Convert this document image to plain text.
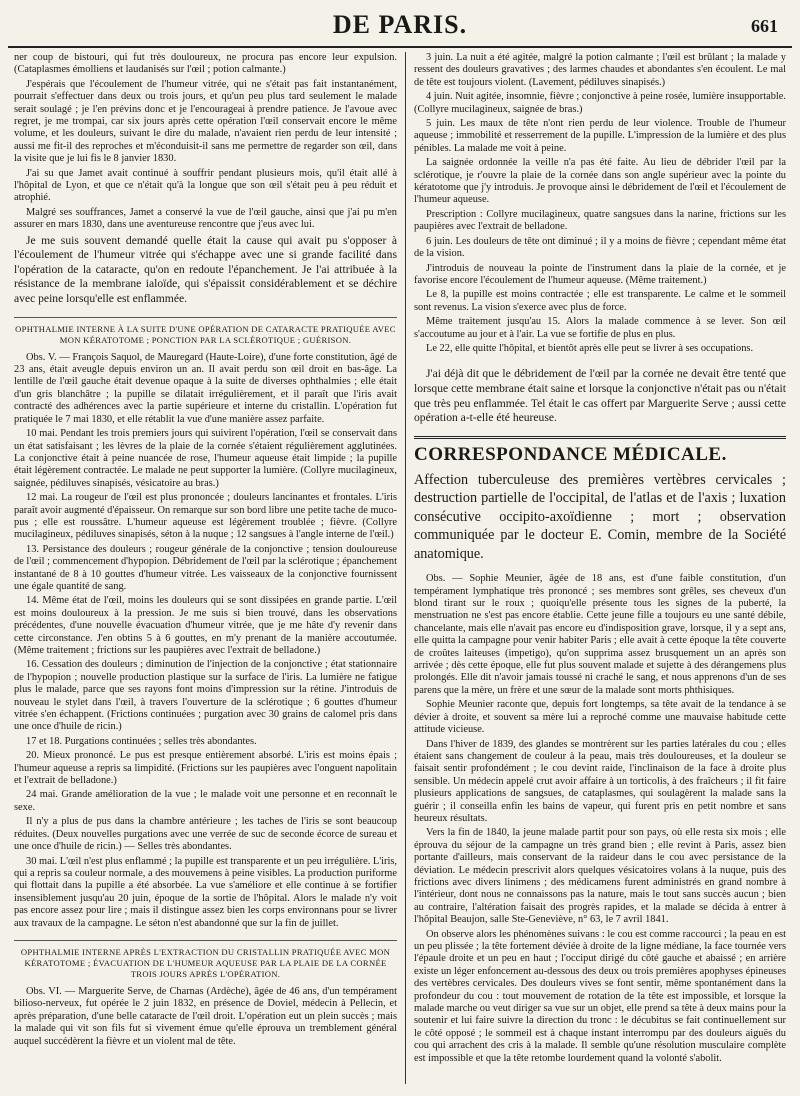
DE PARIS.	661

ner coup de bistouri, qui fut très douloureux, ne procura pas encore leur expulsion. (Cataplasmes émolliens et laudanisés sur l'œil ; potion calmante.)

J'espérais que l'écoulement de l'humeur vitrée, qui ne s'était pas fait instantanément, pourrait s'effectuer dans deux ou trois jours, et qu'un peu plus tard seulement le malade serait soulagé ; je l'en prévins donc et je l'encourageai à prendre patience. Je l'avoue avec regret, je me trompai, car six jours après cette opération l'œil conservait encore le même volume, et les douleurs, suivant le dire du malade, n'avaient rien perdu de leur intensité ; aussi me fit-il des reproches et m'éconduisit-il sans me permettre de regarder son œil, dans la visite que je lui fis le 8 janvier 1830.

J'ai su que Jamet avait continué à souffrir pendant plusieurs mois, qu'il était allé à l'hôpital de Lyon, et que ce n'était qu'à la longue que son œil s'était peu à peu réduit et atrophié.

Malgré ses souffrances, Jamet a conservé la vue de l'œil gauche, ainsi que j'ai pu m'en assurer en mars 1830, dans une aventureuse rencontre que j'eus avec lui.

Je me suis souvent demandé quelle était la cause qui avait pu s'opposer à l'écoulement de l'humeur vitrée qui s'échappe avec une si grande facilité dans l'opération de la cataracte, qu'on en redoute l'épanchement. Je l'ai attribuée à la résistance de la membrane ialoïde, qui s'épaissit considérablement et se déchire avec peine lorsqu'elle est enflammée.

OPHTHALMIE INTERNE À LA SUITE D'UNE OPÉRATION DE CATARACTE PRATIQUÉE AVEC MON KÉRATOTOME ; PONCTION PAR LA SCLÉROTIQUE ; GUÉRISON.

Obs. V. — François Saquol, de Mauregard (Haute-Loire), d'une forte constitution, âgé de 23 ans, était aveugle depuis environ un an. Il avait perdu son œil droit en bas-âge. La lentille de l'œil gauche était devenue opaque à la suite de diverses ophthalmies ; elle était d'un gris blanchâtre ; la pupille se dilatait irrégulièrement, et il paraît que l'iris avait contracté des adhérences avec la partie supérieure et interne du cristallin. L'opération fut pratiquée le 7 mai 1830, et elle rétablit la vue d'une manière assez parfaite.

10 mai. Pendant les trois premiers jours qui suivirent l'opération, l'œil se conservait dans un état satisfaisant ; les lèvres de la plaie de la cornée s'étaient régulièrement agglutinées. La conjonctive était à peine nuancée de rose, l'humeur aqueuse était limpide ; la pupille était légèrement contractée. Le malade ne peut supporter la lumière. (Collyre mucilagineux, saignée, pédiluves sinapisés, vésicatoire au bras.)

12 mai. La rougeur de l'œil est plus prononcée ; douleurs lancinantes et frontales. L'iris paraît avoir augmenté d'épaisseur. On remarque sur son bord libre une petite tache de muco-pus ; elle est roussâtre. L'humeur aqueuse est légèrement troublée ; fièvre. (Collyre mucilagineux, pédiluves sinapisés, séton à la nuque ; 12 sangsues à l'angle interne de l'œil.)

13. Persistance des douleurs ; rougeur générale de la conjonctive ; tension douloureuse de l'œil ; commencement d'hypopion. Débridement de l'œil par la sclérotique ; épanchement instantané de 8 à 10 gouttes d'humeur vitrée. Les vaisseaux de la conjonctive fournissent une égale quantité de sang.

14. Même état de l'œil, moins les douleurs qui se sont dissipées en grande partie. L'œil est moins douloureux à la pression. Je me suis si bien trouvé, dans les observations précédentes, d'une nouvelle évacuation d'humeur vitrée, que je me hâte d'y revenir dans cette circonstance. J'en obtins 5 à 6 gouttes, en m'y prenant de la manière accoutumée. (Même traitement ; frictions sur les paupières avec l'extrait de belladone.)

16. Cessation des douleurs ; diminution de l'injection de la conjonctive ; état stationnaire de l'hypopion ; nouvelle production plastique sur la surface de l'iris. La lumière ne fatigue plus le malade, parce que ses rayons font moins d'impression sur la rétine. J'introduis de nouveau le stylet dans l'œil, à travers l'ouverture de la sclérotique ; 6 gouttes d'humeur vitrée s'en échappent. (Frictions continuées ; purgation avec 30 grains de calomel pris dans une once d'huile de ricin.)

17 et 18. Purgations continuées ; selles très abondantes.

20. Mieux prononcé. Le pus est presque entièrement absorbé. L'iris est moins épais ; l'humeur aqueuse a repris sa limpidité. (Frictions sur les paupières avec l'onguent napolitain et l'extrait de belladone.)

24 mai. Grande amélioration de la vue ; le malade voit une personne et en reconnaît le sexe.

Il n'y a plus de pus dans la chambre antérieure ; les taches de l'iris se sont beaucoup réduites. (Deux nouvelles purgations avec une verrée de suc de seconde écorce de sureau et une once d'huile de ricin.) — Selles très abondantes.

30 mai. L'œil n'est plus enflammé ; la pupille est transparente et un peu irrégulière. L'iris, qui a repris sa couleur normale, a des mouvemens à peine visibles. La production puriforme qui flottait dans la pupille a été absorbée. La vue s'améliore et elle continue à se fortifier insensiblement jusqu'au 20 juin, époque de la sortie de l'hôpital. Alors le malade n'y voit pas encore assez pour lire ; mais il distingue assez bien les corps environnans pour se livrer aux travaux de la campagne. Le séton n'est abandonné que sur la fin de juillet.

OPHTHALMIE INTERNE APRÈS L'EXTRACTION DU CRISTALLIN PRATIQUÉE AVEC MON KÉRATOTOME ; ÉVACUATION DE L'HUMEUR AQUEUSE PAR LA PLAIE DE LA CORNÉE TROIS JOURS APRÈS L'OPÉRATION.

Obs. VI. — Marguerite Serve, de Charnas (Ardèche), âgée de 46 ans, d'un tempérament bilioso-nerveux, fut opérée le 2 juin 1832, en présence de Doviel, médecin à Pellecin, et après préparation, d'une belle cataracte de l'œil droit. L'opération eut un plein succès ; mais la malade qui vit son fils fut si vivement émue qu'elle éprouva un tremblement général auquel succédèrent la fièvre et un violent mal de tête.

3 juin. La nuit a été agitée, malgré la potion calmante ; l'œil est brûlant ; la malade y ressent des douleurs gravatives ; des larmes chaudes et abondantes s'en écoulent. Le mal de tête est toujours violent. (Lavement, pédiluves sinapisés.)

4 juin. Nuit agitée, insomnie, fièvre ; conjonctive à peine rosée, lumière insupportable. (Collyre mucilagineux, saignée de bras.)

5 juin. Les maux de tête n'ont rien perdu de leur violence. Trouble de l'humeur aqueuse ; immobilité et resserrement de la pupille. L'impression de la lumière et des plus pénibles. La malade me voit à peine.

La saignée ordonnée la veille n'a pas été faite. Au lieu de débrider l'œil par la sclérotique, je r'ouvre la plaie de la cornée dans son angle supérieur avec la pointe du kératotome que j'y introduis. Je provoque ainsi le débridement de l'œil et l'écoulement de l'humeur aqueuse.

Prescription : Collyre mucilagineux, quatre sangsues dans la narine, frictions sur les paupières avec l'extrait de belladone.

6 juin. Les douleurs de tête ont diminué ; il y a moins de fièvre ; cependant même état de la vision.

J'introduis de nouveau la pointe de l'instrument dans la plaie de la cornée, et je favorise encore l'écoulement de l'humeur aqueuse. (Même traitement.)

Le 8, la pupille est moins contractée ; elle est transparente. Le calme et le sommeil sont revenus. La vision s'exerce avec plus de force.

Même traitement jusqu'au 15. Alors la malade commence à se lever. Son œil s'accoutume au jour et à l'air. La vue se fortifie de plus en plus.

Le 22, elle quitte l'hôpital, et bientôt après elle peut se livrer à ses occupations.

J'ai déjà dit que le débridement de l'œil par la cornée ne devait être tenté que lorsque cette membrane était saine et lorsque la conjonctive n'était pas ou n'était que très peu enflammée. Tel était le cas offert par Marguerite Serve ; aussi cette opération a-t-elle été heureuse.

CORRESPONDANCE MÉDICALE.
Affection tuberculeuse des premières vertèbres cervicales ; destruction partielle de l'occipital, de l'atlas et de l'axis ; luxation consécutive occipito-axoïdienne ; mort ; observation communiquée par le docteur E. Comin, membre de la Société anatomique.

Obs. — Sophie Meunier, âgée de 18 ans, est d'une faible constitution, d'un tempérament lymphatique très prononcé ; ses membres sont grêles, ses cheveux d'un blond tirant sur le roux ; quoiqu'elle présente tous les signes de la puberté, la menstruation ne s'est pas encore établie. Cette jeune fille a toujours eu une santé débile, chancelante, mais elle n'avait pas encore eu d'indisposition grave, lorsque, il y a sept ans, elle quitta la campagne pour venir habiter Paris ; elle avait à cette époque la tête couverte de croûtes laiteuses (impetigo), qu'on supprima assez brusquement un an après son arrivée ; dès cette époque, elle fut plus souvent malade et sujette à des dérangemens plus prolongés. Elle dit n'avoir jamais toussé ni craché le sang, et nous apprenons d'un de ses parens que la mère, un frère et une sœur de la malade sont morts phthisiques.

Sophie Meunier raconte que, depuis fort longtemps, sa tête avait de la tendance à se dévier à droite, et souvent sa mère lui a reproché comme une mauvaise habitude cette attitude vicieuse.

Dans l'hiver de 1839, des glandes se montrèrent sur les parties latérales du cou ; elles étaient sans changement de couleur à la peau, mais très douloureuses, et la douleur se faisait sentir profondément ; le cou devint raide, l'inclinaison de la face à droite plus sensible. Un médecin appelé crut avoir affaire à un torticolis, à des fraîcheurs ; il fit faire plusieurs applications de sangsues, de cataplasmes, qui soulagèrent la malade sans la guérir ; il conseilla enfin les bains de vapeur, qui furent pris en petit nombre et sans heureux résultats.

Vers la fin de 1840, la jeune malade partit pour son pays, où elle resta six mois ; elle éprouva du séjour de la campagne un très grand bien ; elle revint à Paris, assez bien portante d'ailleurs, mais conservant de la raideur dans le cou avec persistance de la déviation. Le médecin prescrivit alors quelques vésicatoires volans à la nuque, puis des frictions avec divers linimens ; des médicamens furent administrés en grand nombre à l'intérieur, dont nous ne connaissons pas la nature, mais le tout sans succès aucun ; bien au contraire, l'altération faisait des progrès rapides, et la malade se décida à entrer à l'hôpital Beaujon, salle Ste-Geneviève, n° 63, le 7 avril 1841.

On observe alors les phénomènes suivans : le cou est comme raccourci ; la peau en est un peu plissée ; la tête fortement déviée à droite de la ligne médiane, la face tournée vers l'épaule droite et un peu en haut ; l'occiput dirigé du côté gauche et abaissé ; en arrière existe un léger enfoncement au-dessous des deux ou trois premières apophyses épineuses des vertèbres cervicales. Des douleurs vives se font sentir, même spontanément dans la profondeur du cou : tout mouvement de rotation de la tête est impossible, et lorsque la malade marche ou veut diriger sa vue sur un objet, elle prend sa tête à deux mains pour la soutenir et lui faire suivre la direction du tronc : le décubitus se fait continuellement sur le côté opposé ; le sommeil est à chaque instant interrompu par des douleurs aiguës du cou qui arrachent des cris à la malade. Il semble qu'une résolution musculaire complète est impossible et que la tête retombe lourdement quand la volonté s'abolit.
